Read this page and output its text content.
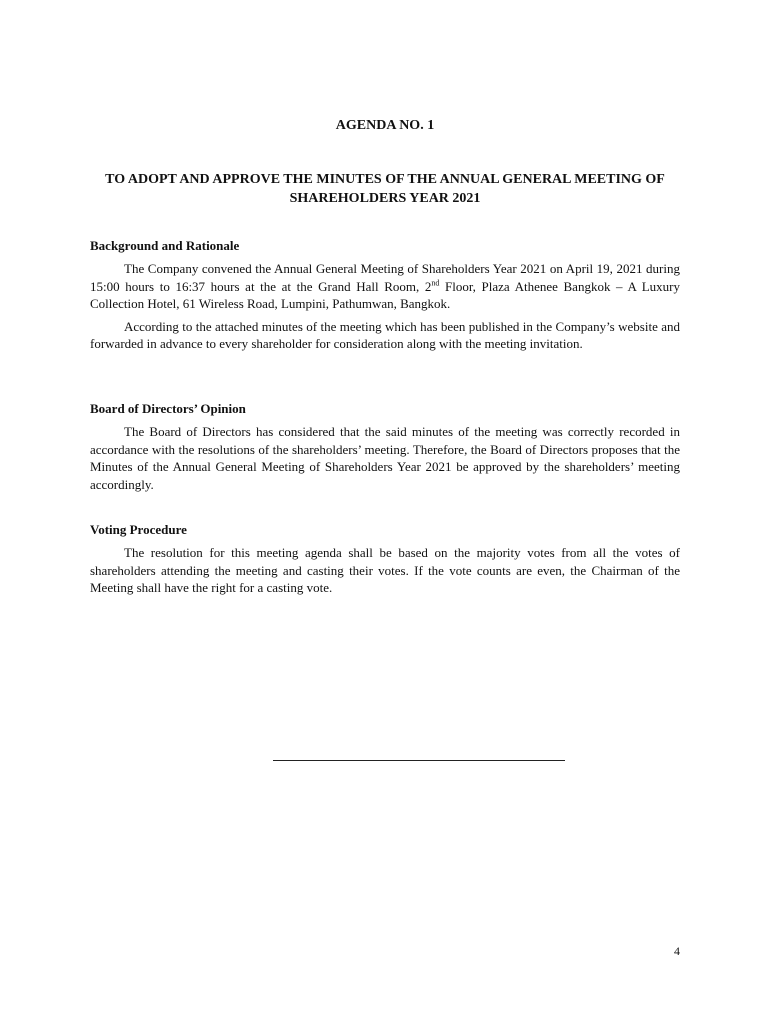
AGENDA NO. 1
TO ADOPT AND APPROVE THE MINUTES OF THE ANNUAL GENERAL MEETING OF SHAREHOLDERS YEAR 2021
Background and Rationale

The Company convened the Annual General Meeting of Shareholders Year 2021 on April 19, 2021 during 15:00 hours to 16:37 hours at the at the Grand Hall Room, 2nd Floor, Plaza Athenee Bangkok – A Luxury Collection Hotel, 61 Wireless Road, Lumpini, Pathumwan, Bangkok.

According to the attached minutes of the meeting which has been published in the Company’s website and forwarded in advance to every shareholder for consideration along with the meeting invitation.

Board of Directors’ Opinion

The Board of Directors has considered that the said minutes of the meeting was correctly recorded in accordance with the resolutions of the shareholders’ meeting. Therefore, the Board of Directors proposes that the Minutes of the Annual General Meeting of Shareholders Year 2021 be approved by the shareholders’ meeting accordingly.

Voting Procedure

The resolution for this meeting agenda shall be based on the majority votes from all the votes of shareholders attending the meeting and casting their votes. If the vote counts are even, the Chairman of the Meeting shall have the right for a casting vote.

4
